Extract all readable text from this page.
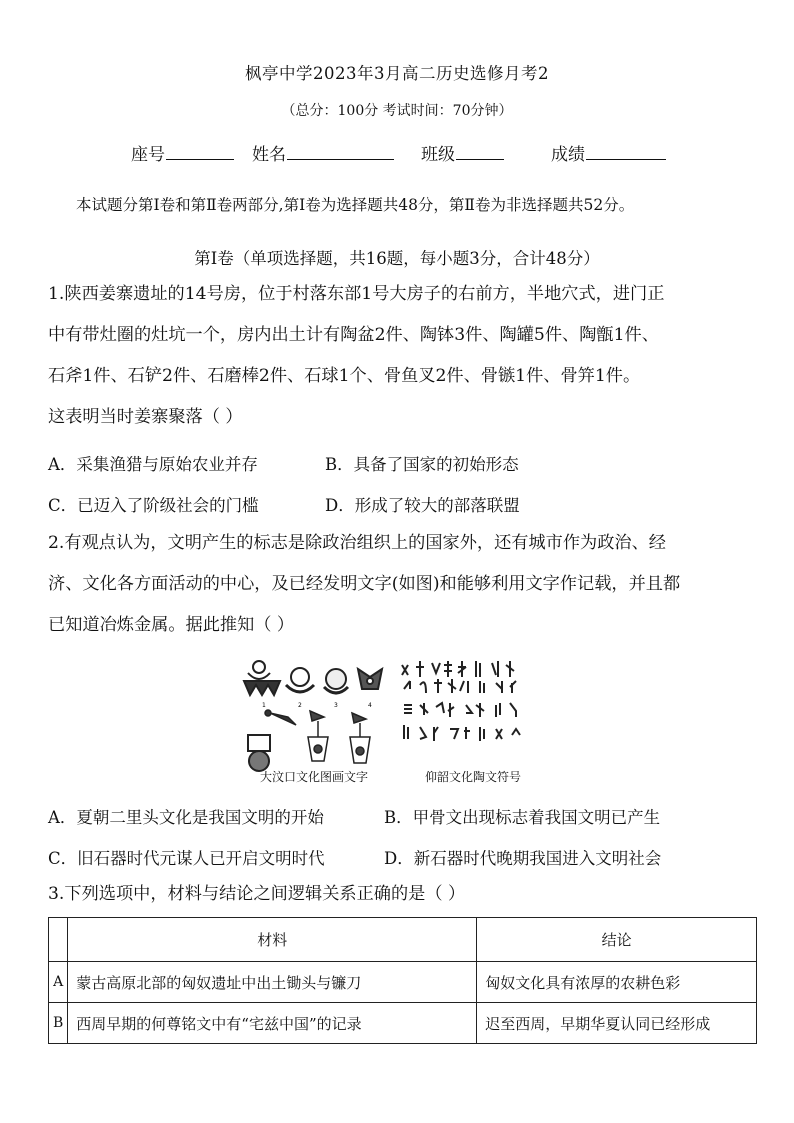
枫亭中学2023年3月高二历史选修月考2
（总分：100分 考试时间：70分钟）
座号	姓名	班级	成绩
本试题分第Ⅰ卷和第Ⅱ卷两部分,第Ⅰ卷为选择题共48分，第Ⅱ卷为非选择题共52分。
第Ⅰ卷（单项选择题，共16题，每小题3分，合计48分）
1.陕西姜寨遗址的14号房，位于村落东部1号大房子的右前方，半地穴式，进门正
中有带灶圈的灶坑一个，房内出土计有陶盆2件、陶钵3件、陶罐5件、陶甑1件、
石斧1件、石铲2件、石磨棒2件、石球1个、骨鱼叉2件、骨镞1件、骨笄1件。
这表明当时姜寨聚落（ ）
A．采集渔猎与原始农业并存	B．具备了国家的初始形态
C．已迈入了阶级社会的门槛	D．形成了较大的部落联盟
2.有观点认为，文明产生的标志是除政治组织上的国家外，还有城市作为政治、经
济、文化各方面活动的中心，及已经发明文字(如图)和能够利用文字作记载，并且都
已知道冶炼金属。据此推知（ ）
1	2	3	4
大汶口文化图画文字	仰韶文化陶文符号
A．夏朝二里头文化是我国文明的开始	B．甲骨文出现标志着我国文明已产生
C．旧石器时代元谋人已开启文明时代	D．新石器时代晚期我国进入文明社会
3.下列选项中，材料与结论之间逻辑关系正确的是（ ）
	材料	结论
A	蒙古高原北部的匈奴遗址中出土锄头与镰刀	匈奴文化具有浓厚的农耕色彩
B	西周早期的何尊铭文中有“宅兹中国”的记录	迟至西周，早期华夏认同已经形成
